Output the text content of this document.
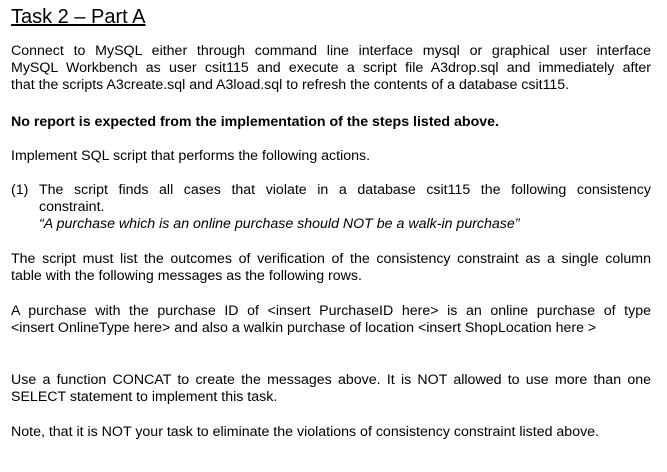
Task 2 – Part A
Connect to MySQL either through command line interface mysql or graphical user interface
MySQL Workbench as user csit115 and execute a script file A3drop.sql and immediately after
that the scripts A3create.sql and A3load.sql to refresh the contents of a database csit115.
No report is expected from the implementation of the steps listed above.
Implement SQL script that performs the following actions.
(1) The script finds all cases that violate in a database csit115 the following consistency
constraint.
“A purchase which is an online purchase should NOT be a walk-in purchase”
The script must list the outcomes of verification of the consistency constraint as a single column
table with the following messages as the following rows.
A purchase with the purchase ID of <insert PurchaseID here> is an online purchase of type
<insert OnlineType here> and also a walkin purchase of location <insert ShopLocation here >
Use a function CONCAT to create the messages above. It is NOT allowed to use more than one
SELECT statement to implement this task.
Note, that it is NOT your task to eliminate the violations of consistency constraint listed above.
